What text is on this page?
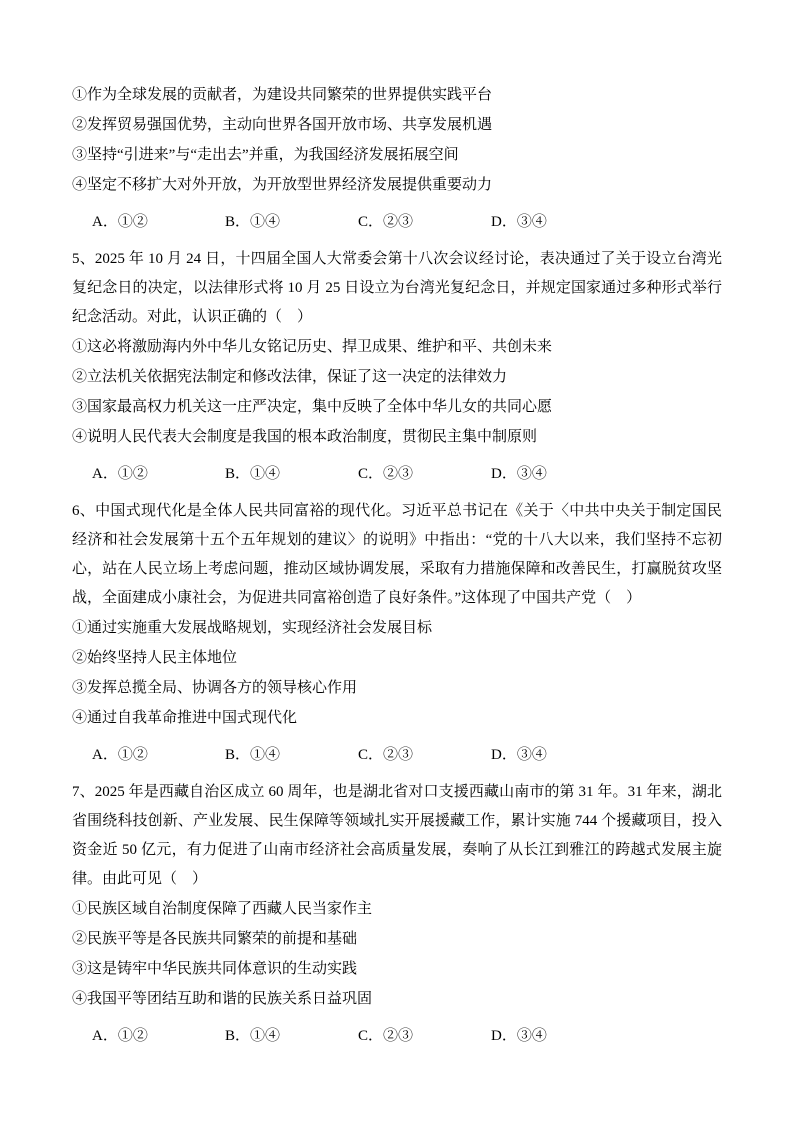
①作为全球发展的贡献者，为建设共同繁荣的世界提供实践平台

②发挥贸易强国优势，主动向世界各国开放市场、共享发展机遇

③坚持“引进来”与“走出去”并重，为我国经济发展拓展空间

④坚定不移扩大对外开放，为开放型世界经济发展提供重要动力

A．①②	B．①④	C．②③	D．③④

5、2025 年 10 月 24 日，十四届全国人大常委会第十八次会议经讨论，表决通过了关于设立台湾光复纪念日的决定，以法律形式将 10 月 25 日设立为台湾光复纪念日，并规定国家通过多种形式举行纪念活动。对此，认识正确的（　）

①这必将激励海内外中华儿女铭记历史、捍卫成果、维护和平、共创未来

②立法机关依据宪法制定和修改法律，保证了这一决定的法律效力

③国家最高权力机关这一庄严决定，集中反映了全体中华儿女的共同心愿

④说明人民代表大会制度是我国的根本政治制度，贯彻民主集中制原则

A．①②	B．①④	C．②③	D．③④

6、中国式现代化是全体人民共同富裕的现代化。习近平总书记在《关于〈中共中央关于制定国民经济和社会发展第十五个五年规划的建议〉的说明》中指出：“党的十八大以来，我们坚持不忘初心，站在人民立场上考虑问题，推动区域协调发展，采取有力措施保障和改善民生，打赢脱贫攻坚战，全面建成小康社会，为促进共同富裕创造了良好条件。”这体现了中国共产党（　）

①通过实施重大发展战略规划，实现经济社会发展目标

②始终坚持人民主体地位

③发挥总揽全局、协调各方的领导核心作用

④通过自我革命推进中国式现代化

A．①②	B．①④	C．②③	D．③④

7、2025 年是西藏自治区成立 60 周年，也是湖北省对口支援西藏山南市的第 31 年。31 年来，湖北省围绕科技创新、产业发展、民生保障等领域扎实开展援藏工作，累计实施 744 个援藏项目，投入资金近 50 亿元，有力促进了山南市经济社会高质量发展，奏响了从长江到雅江的跨越式发展主旋律。由此可见（　）

①民族区域自治制度保障了西藏人民当家作主

②民族平等是各民族共同繁荣的前提和基础

③这是铸牢中华民族共同体意识的生动实践

④我国平等团结互助和谐的民族关系日益巩固

A．①②	B．①④	C．②③	D．③④
